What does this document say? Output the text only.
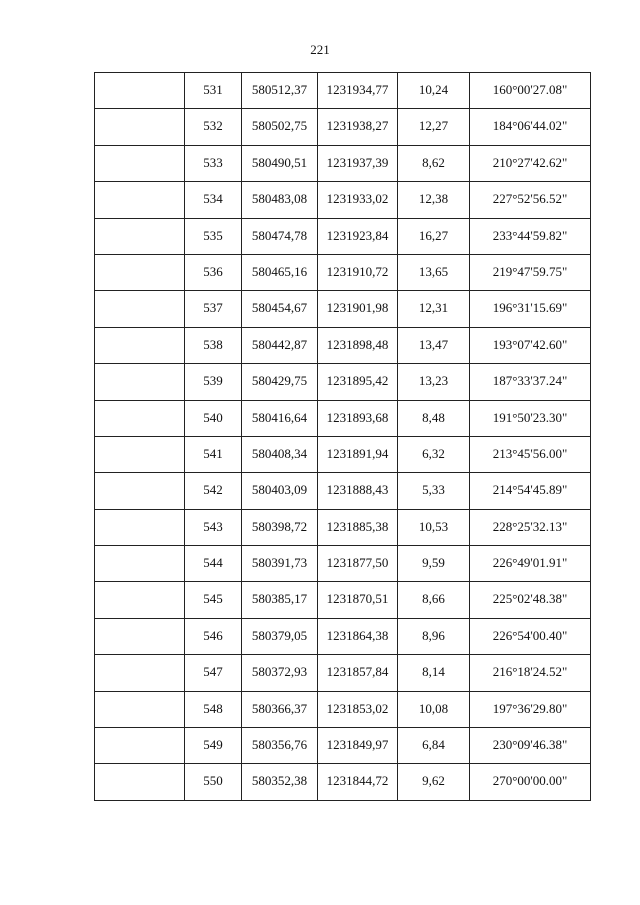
221
	531	580512,37	1231934,77	10,24	160°00'27.08"
	532	580502,75	1231938,27	12,27	184°06'44.02"
	533	580490,51	1231937,39	8,62	210°27'42.62"
	534	580483,08	1231933,02	12,38	227°52'56.52"
	535	580474,78	1231923,84	16,27	233°44'59.82"
	536	580465,16	1231910,72	13,65	219°47'59.75"
	537	580454,67	1231901,98	12,31	196°31'15.69"
	538	580442,87	1231898,48	13,47	193°07'42.60"
	539	580429,75	1231895,42	13,23	187°33'37.24"
	540	580416,64	1231893,68	8,48	191°50'23.30"
	541	580408,34	1231891,94	6,32	213°45'56.00"
	542	580403,09	1231888,43	5,33	214°54'45.89"
	543	580398,72	1231885,38	10,53	228°25'32.13"
	544	580391,73	1231877,50	9,59	226°49'01.91"
	545	580385,17	1231870,51	8,66	225°02'48.38"
	546	580379,05	1231864,38	8,96	226°54'00.40"
	547	580372,93	1231857,84	8,14	216°18'24.52"
	548	580366,37	1231853,02	10,08	197°36'29.80"
	549	580356,76	1231849,97	6,84	230°09'46.38"
	550	580352,38	1231844,72	9,62	270°00'00.00"
